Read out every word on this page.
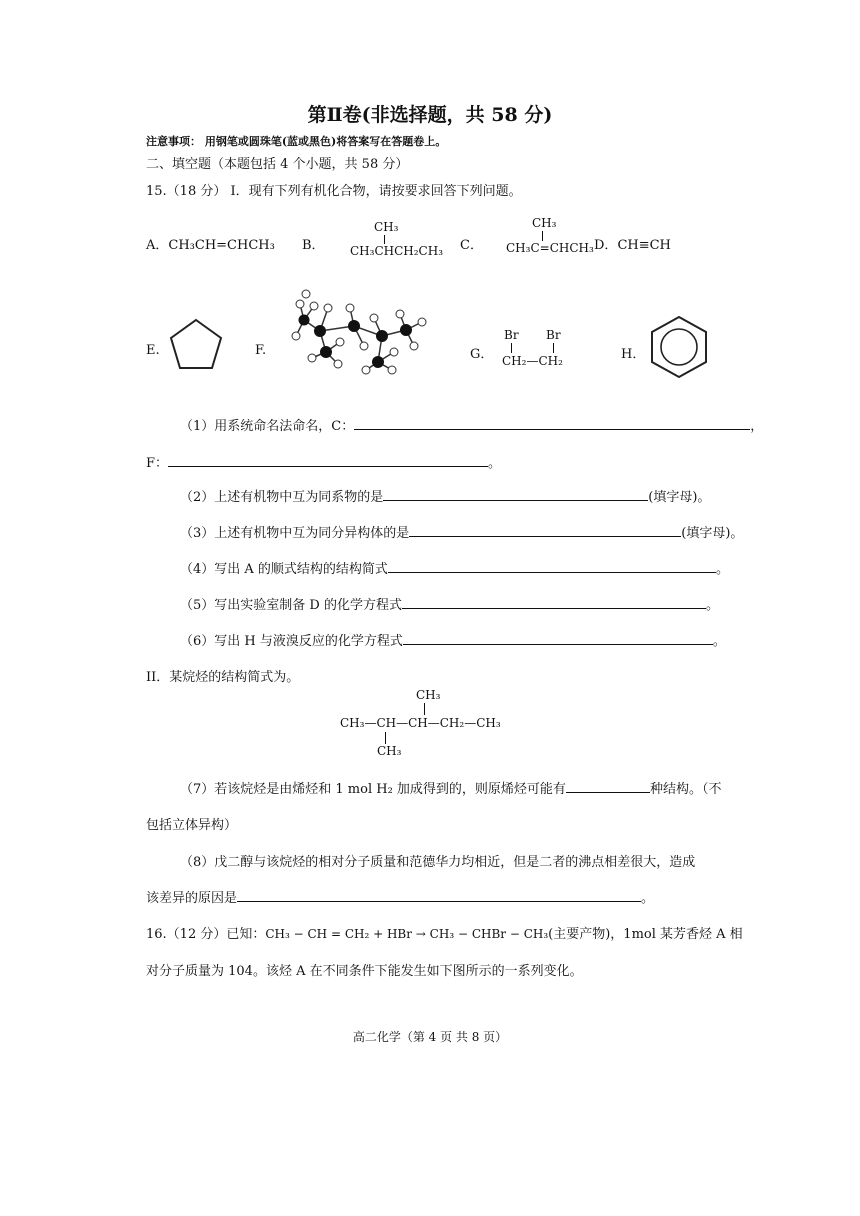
第Ⅱ卷(非选择题，共 58 分)
注意事项： 用钢笔或圆珠笔(蓝或黑色)将答案写在答题卷上。
二、填空题（本题包括 4 个小题，共 58 分）
15.（18 分） I．现有下列有机化合物，请按要求回答下列问题。
A．CH₃CH=CHCH₃ B．
CH₃
CH₃CHCH₂CH₃ C．
CH₃
CH₃C=CHCH₃ D．CH≡CH
E.	F.	G．
Br Br
CH₂—CH₂	H．
（1）用系统命名法命名，C：	，
F：	。
（2）上述有机物中互为同系物的是	(填字母)。
（3）上述有机物中互为同分异构体的是	(填字母)。
（4）写出 A 的顺式结构的结构简式	。
（5）写出实验室制备 D 的化学方程式	。
（6）写出 H 与液溴反应的化学方程式	。
II．某烷烃的结构简式为。
CH₃
CH₃—CH—CH—CH₂—CH₃
CH₃
（7）若该烷烃是由烯烃和 1 mol H₂ 加成得到的，则原烯烃可能有	种结构。（不
包括立体异构）
（8）戊二醇与该烷烃的相对分子质量和范德华力均相近，但是二者的沸点相差很大，造成
该差异的原因是	。
16.（12 分）已知：CH₃ − CH = CH₂ + HBr → CH₃ − CHBr − CH₃(主要产物)，1mol 某芳香烃 A 相
对分子质量为 104。该烃 A 在不同条件下能发生如下图所示的一系列变化。
高二化学（第 4 页 共 8 页）
